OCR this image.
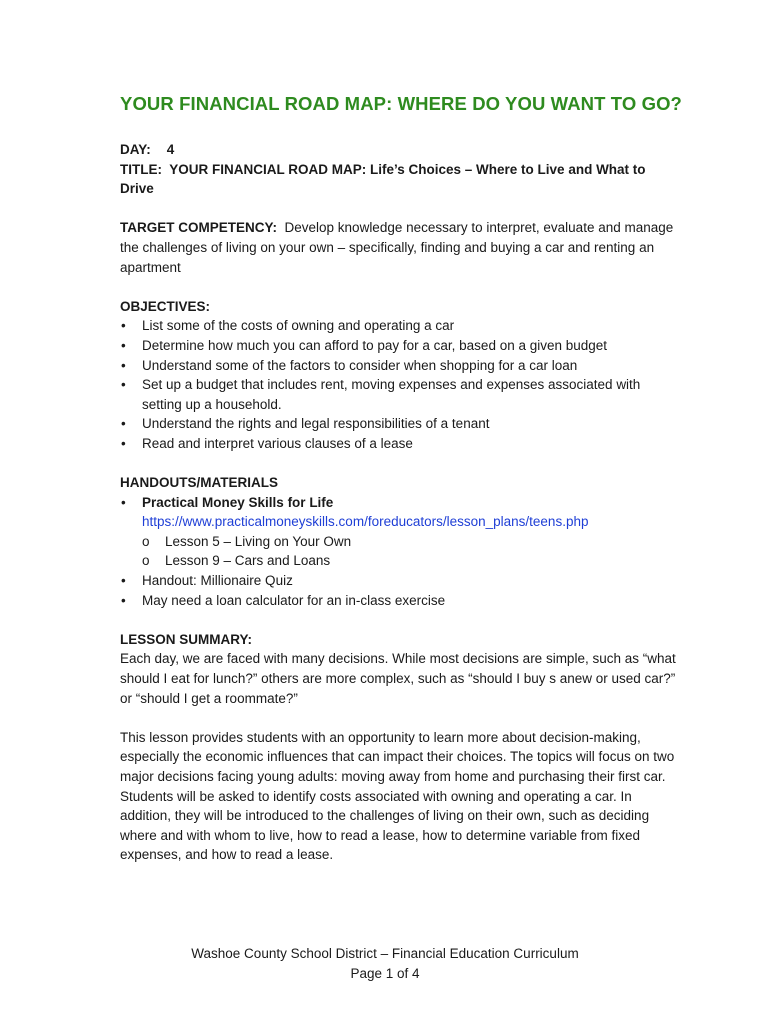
YOUR FINANCIAL ROAD MAP: WHERE DO YOU WANT TO GO?

DAY: 4

TITLE: YOUR FINANCIAL ROAD MAP: Life’s Choices – Where to Live and What to Drive

TARGET COMPETENCY: Develop knowledge necessary to interpret, evaluate and manage the challenges of living on your own – specifically, finding and buying a car and renting an apartment

OBJECTIVES:

• List some of the costs of owning and operating a car
• Determine how much you can afford to pay for a car, based on a given budget
• Understand some of the factors to consider when shopping for a car loan
• Set up a budget that includes rent, moving expenses and expenses associated with setting up a household.
• Understand the rights and legal responsibilities of a tenant
• Read and interpret various clauses of a lease

HANDOUTS/MATERIALS

• Practical Money Skills for Life
https://www.practicalmoneyskills.com/foreducators/lesson_plans/teens.php
o Lesson 5 – Living on Your Own
o Lesson 9 – Cars and Loans
• Handout: Millionaire Quiz
• May need a loan calculator for an in-class exercise

LESSON SUMMARY:

Each day, we are faced with many decisions. While most decisions are simple, such as “what should I eat for lunch?” others are more complex, such as “should I buy s anew or used car?” or “should I get a roommate?”

This lesson provides students with an opportunity to learn more about decision-making, especially the economic influences that can impact their choices. The topics will focus on two major decisions facing young adults: moving away from home and purchasing their first car. Students will be asked to identify costs associated with owning and operating a car. In addition, they will be introduced to the challenges of living on their own, such as deciding where and with whom to live, how to read a lease, how to determine variable from fixed expenses, and how to read a lease.

Washoe County School District – Financial Education Curriculum
Page 1 of 4
